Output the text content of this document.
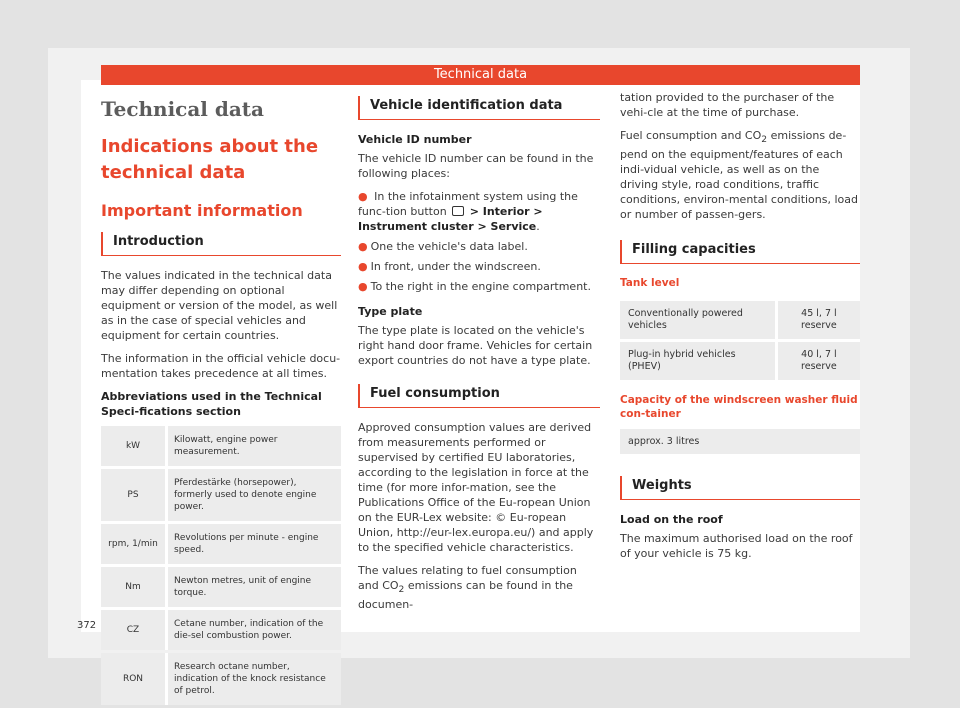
Technical data
Technical data
Indications about the technical data
Important information
Introduction

The values indicated in the technical data may differ depending on optional equipment or version of the model, as well as in the case of special vehicles and equipment for certain countries.

The information in the official vehicle docu-mentation takes precedence at all times.

Abbreviations used in the Technical Speci-fications section

kW	Kilowatt, engine power measurement.
PS	Pferdestärke (horsepower), formerly used to denote engine power.
rpm, 1/min	Revolutions per minute - engine speed.
Nm	Newton metres, unit of engine torque.
CZ	Cetane number, indication of the die-sel combustion power.
RON	Research octane number, indication of the knock resistance of petrol.
Vehicle identification data

Vehicle ID number

The vehicle ID number can be found in the following places:

● In the infotainment system using the func-tion button > Interior > Instrument cluster > Service.
● One the vehicle's data label.
● In front, under the windscreen.
● To the right in the engine compartment.

Type plate

The type plate is located on the vehicle's right hand door frame. Vehicles for certain export countries do not have a type plate.

Fuel consumption

Approved consumption values are derived from measurements performed or supervised by certified EU laboratories, according to the legislation in force at the time (for more infor-mation, see the Publications Office of the Eu-ropean Union on the EUR-Lex website: © Eu-ropean Union, http://eur-lex.europa.eu/) and apply to the specified vehicle characteristics.

The values relating to fuel consumption and $CO_2$ emissions can be found in the documen-

tation provided to the purchaser of the vehi-cle at the time of purchase.

Fuel consumption and $CO_2$ emissions de-pend on the equipment/features of each indi-vidual vehicle, as well as on the driving style, road conditions, traffic conditions, environ-mental conditions, load or number of passen-gers.

Filling capacities
Tank level
Conventionally powered vehicles	45 l, 7 l reserve
Plug-in hybrid vehicles (PHEV)	40 l, 7 l reserve
Capacity of the windscreen washer fluid con-tainer
approx. 3 litres
Weights

Load on the roof

The maximum authorised load on the roof of your vehicle is 75 kg.

372
